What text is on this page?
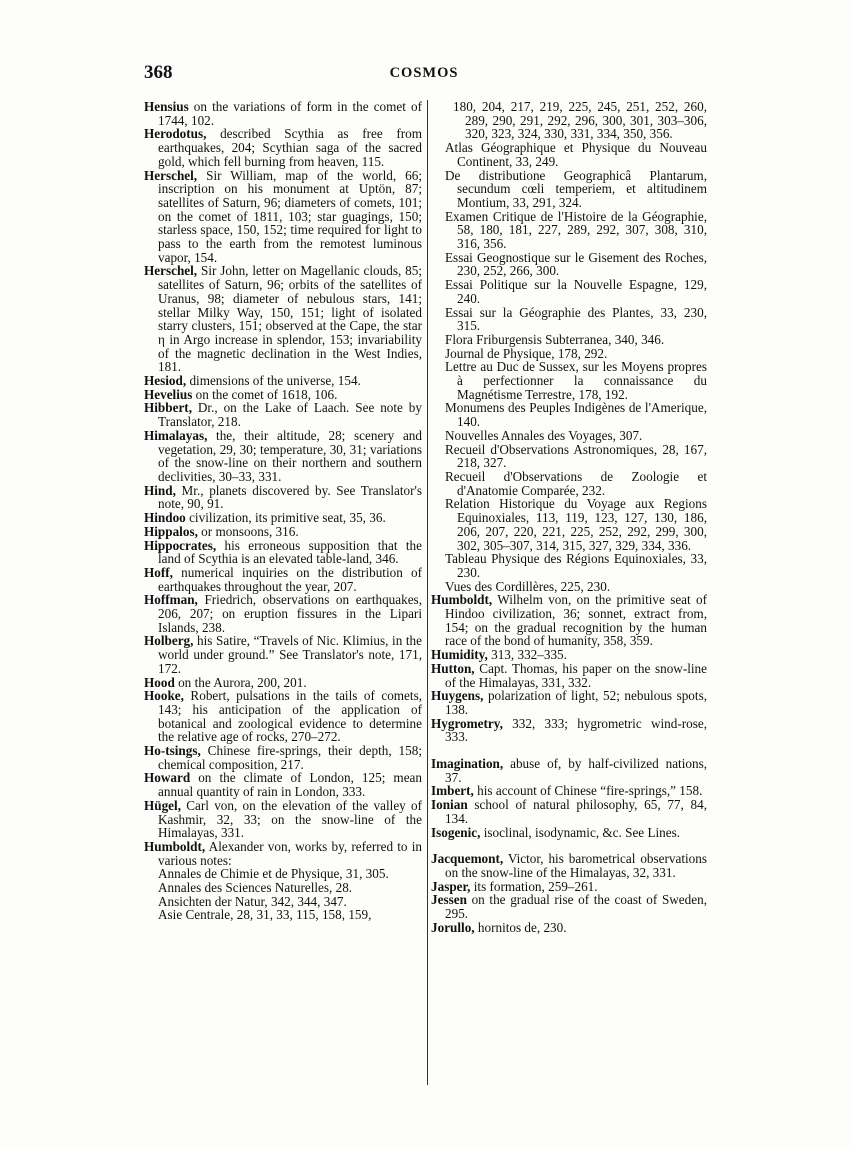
368	COSMOS

Hensius on the variations of form in the comet of 1744, 102.

Herodotus, described Scythia as free from earthquakes, 204; Scythian saga of the sacred gold, which fell burning from heaven, 115.

Herschel, Sir William, map of the world, 66; inscription on his monument at Uptön, 87; satellites of Saturn, 96; diameters of comets, 101; on the comet of 1811, 103; star guagings, 150; starless space, 150, 152; time required for light to pass to the earth from the remotest luminous vapor, 154.

Herschel, Sir John, letter on Magellanic clouds, 85; satellites of Saturn, 96; orbits of the satellites of Uranus, 98; diameter of nebulous stars, 141; stellar Milky Way, 150, 151; light of isolated starry clusters, 151; observed at the Cape, the star η in Argo increase in splendor, 153; invariability of the magnetic declination in the West Indies, 181.

Hesiod, dimensions of the universe, 154.

Hevelius on the comet of 1618, 106.

Hibbert, Dr., on the Lake of Laach. See note by Translator, 218.

Himalayas, the, their altitude, 28; scenery and vegetation, 29, 30; temperature, 30, 31; variations of the snow-line on their northern and southern declivities, 30–33, 331.

Hind, Mr., planets discovered by. See Translator's note, 90, 91.

Hindoo civilization, its primitive seat, 35, 36.

Hippalos, or monsoons, 316.

Hippocrates, his erroneous supposition that the land of Scythia is an elevated table-land, 346.

Hoff, numerical inquiries on the distribution of earthquakes throughout the year, 207.

Hoffman, Friedrich, observations on earthquakes, 206, 207; on eruption fissures in the Lipari Islands, 238.

Holberg, his Satire, “Travels of Nic. Klimius, in the world under ground.” See Translator's note, 171, 172.

Hood on the Aurora, 200, 201.

Hooke, Robert, pulsations in the tails of comets, 143; his anticipation of the application of botanical and zoological evidence to determine the relative age of rocks, 270–272.

Ho-tsings, Chinese fire-springs, their depth, 158; chemical composition, 217.

Howard on the climate of London, 125; mean annual quantity of rain in London, 333.

Hügel, Carl von, on the elevation of the valley of Kashmir, 32, 33; on the snow-line of the Himalayas, 331.

Humboldt, Alexander von, works by, referred to in various notes:

Annales de Chimie et de Physique, 31, 305.

Annales des Sciences Naturelles, 28.

Ansichten der Natur, 342, 344, 347.

Asie Centrale, 28, 31, 33, 115, 158, 159,

180, 204, 217, 219, 225, 245, 251, 252, 260, 289, 290, 291, 292, 296, 300, 301, 303–306, 320, 323, 324, 330, 331, 334, 350, 356.

Atlas Géographique et Physique du Nouveau Continent, 33, 249.

De distributione Geographicâ Plantarum, secundum cœli temperiem, et altitudinem Montium, 33, 291, 324.

Examen Critique de l'Histoire de la Géographie, 58, 180, 181, 227, 289, 292, 307, 308, 310, 316, 356.

Essai Geognostique sur le Gisement des Roches, 230, 252, 266, 300.

Essai Politique sur la Nouvelle Espagne, 129, 240.

Essai sur la Géographie des Plantes, 33, 230, 315.

Flora Friburgensis Subterranea, 340, 346.

Journal de Physique, 178, 292.

Lettre au Duc de Sussex, sur les Moyens propres à perfectionner la connaissance du Magnétisme Terrestre, 178, 192.

Monumens des Peuples Indigènes de l'Amerique, 140.

Nouvelles Annales des Voyages, 307.

Recueil d'Observations Astronomiques, 28, 167, 218, 327.

Recueil d'Observations de Zoologie et d'Anatomie Comparée, 232.

Relation Historique du Voyage aux Regions Equinoxiales, 113, 119, 123, 127, 130, 186, 206, 207, 220, 221, 225, 252, 292, 299, 300, 302, 305–307, 314, 315, 327, 329, 334, 336.

Tableau Physique des Régions Equinoxiales, 33, 230.

Vues des Cordillères, 225, 230.

Humboldt, Wilhelm von, on the primitive seat of Hindoo civilization, 36; sonnet, extract from, 154; on the gradual recognition by the human race of the bond of humanity, 358, 359.

Humidity, 313, 332–335.

Hutton, Capt. Thomas, his paper on the snow-line of the Himalayas, 331, 332.

Huygens, polarization of light, 52; nebulous spots, 138.

Hygrometry, 332, 333; hygrometric wind-rose, 333.

Imagination, abuse of, by half-civilized nations, 37.

Imbert, his account of Chinese “fire-springs,” 158.

Ionian school of natural philosophy, 65, 77, 84, 134.

Isogenic, isoclinal, isodynamic, &c. See Lines.

Jacquemont, Victor, his barometrical observations on the snow-line of the Himalayas, 32, 331.

Jasper, its formation, 259–261.

Jessen on the gradual rise of the coast of Sweden, 295.

Jorullo, hornitos de, 230.
